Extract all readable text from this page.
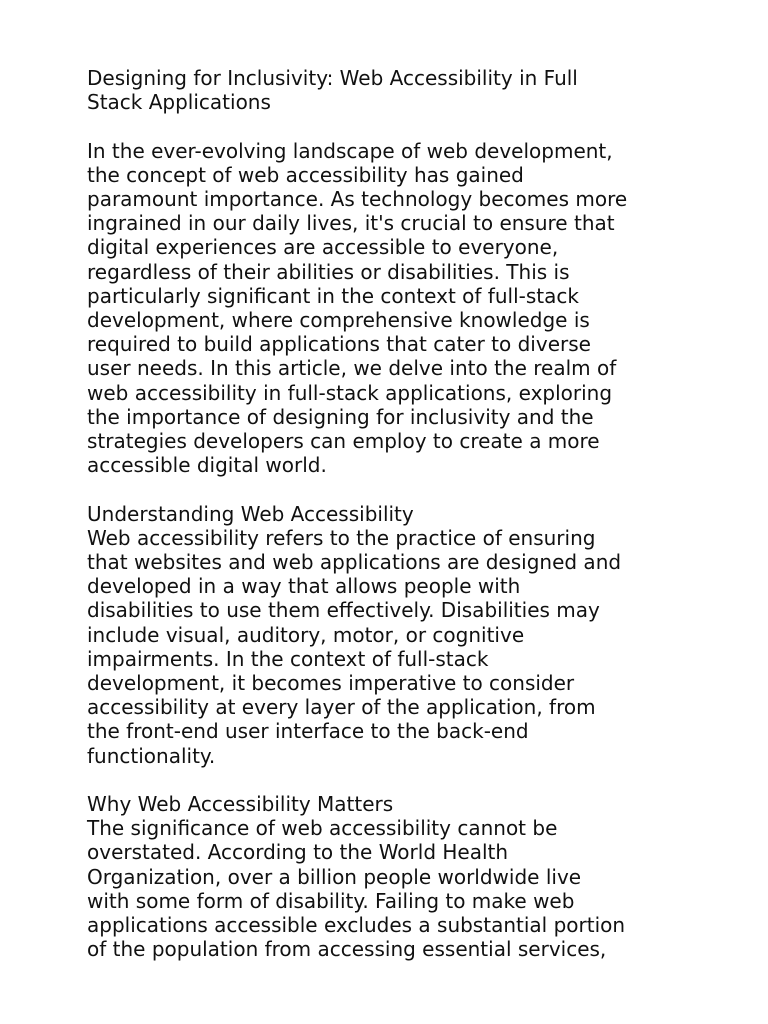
Designing for Inclusivity: Web Accessibility in Full
Stack Applications

In the ever-evolving landscape of web development,
the concept of web accessibility has gained
paramount importance. As technology becomes more
ingrained in our daily lives, it's crucial to ensure that
digital experiences are accessible to everyone,
regardless of their abilities or disabilities. This is
particularly significant in the context of full-stack
development, where comprehensive knowledge is
required to build applications that cater to diverse
user needs. In this article, we delve into the realm of
web accessibility in full-stack applications, exploring
the importance of designing for inclusivity and the
strategies developers can employ to create a more
accessible digital world.

Understanding Web Accessibility

Web accessibility refers to the practice of ensuring
that websites and web applications are designed and
developed in a way that allows people with
disabilities to use them effectively. Disabilities may
include visual, auditory, motor, or cognitive
impairments. In the context of full-stack
development, it becomes imperative to consider
accessibility at every layer of the application, from
the front-end user interface to the back-end
functionality.

Why Web Accessibility Matters

The significance of web accessibility cannot be
overstated. According to the World Health
Organization, over a billion people worldwide live
with some form of disability. Failing to make web
applications accessible excludes a substantial portion
of the population from accessing essential services,
